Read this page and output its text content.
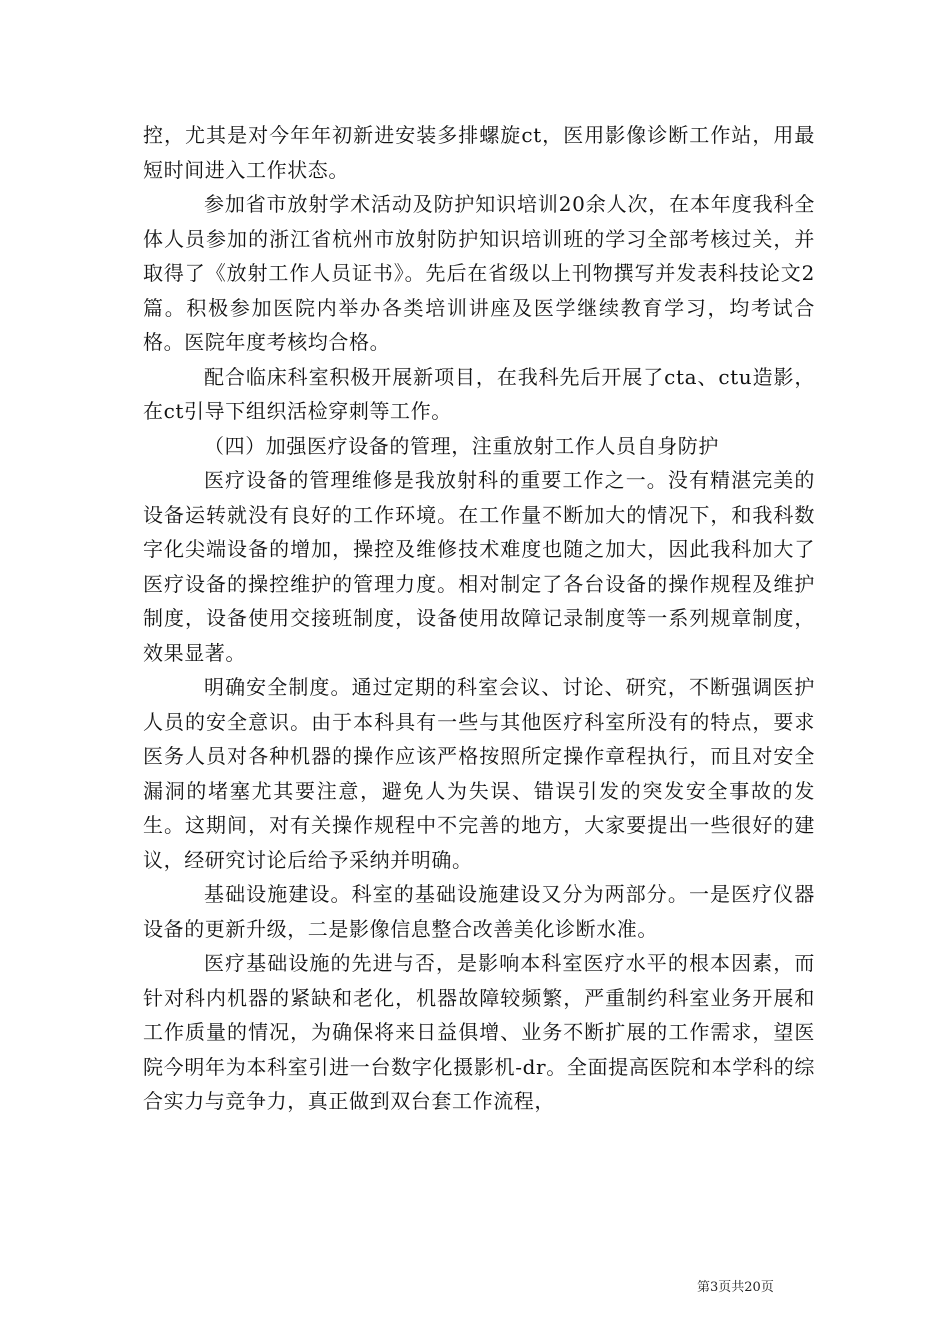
控，尤其是对今年年初新进安装多排螺旋ct，医用影像诊断工作站，用最短时间进入工作状态。

参加省市放射学术活动及防护知识培训20余人次，在本年度我科全体人员参加的浙江省杭州市放射防护知识培训班的学习全部考核过关，并取得了《放射工作人员证书》。先后在省级以上刊物撰写并发表科技论文2篇。积极参加医院内举办各类培训讲座及医学继续教育学习，均考试合格。医院年度考核均合格。

配合临床科室积极开展新项目，在我科先后开展了cta、ctu造影，在ct引导下组织活检穿刺等工作。

（四）加强医疗设备的管理，注重放射工作人员自身防护

医疗设备的管理维修是我放射科的重要工作之一。没有精湛完美的设备运转就没有良好的工作环境。在工作量不断加大的情况下，和我科数字化尖端设备的增加，操控及维修技术难度也随之加大，因此我科加大了医疗设备的操控维护的管理力度。相对制定了各台设备的操作规程及维护制度，设备使用交接班制度，设备使用故障记录制度等一系列规章制度，效果显著。

明确安全制度。通过定期的科室会议、讨论、研究，不断强调医护人员的安全意识。由于本科具有一些与其他医疗科室所没有的特点，要求医务人员对各种机器的操作应该严格按照所定操作章程执行，而且对安全漏洞的堵塞尤其要注意，避免人为失误、错误引发的突发安全事故的发生。这期间，对有关操作规程中不完善的地方，大家要提出一些很好的建议，经研究讨论后给予采纳并明确。

基础设施建设。科室的基础设施建设又分为两部分。一是医疗仪器设备的更新升级，二是影像信息整合改善美化诊断水准。

医疗基础设施的先进与否，是影响本科室医疗水平的根本因素，而针对科内机器的紧缺和老化，机器故障较频繁，严重制约科室业务开展和工作质量的情况，为确保将来日益俱增、业务不断扩展的工作需求，望医院今明年为本科室引进一台数字化摄影机-dr。全面提高医院和本学科的综合实力与竞争力，真正做到双台套工作流程，

第3页共20页
